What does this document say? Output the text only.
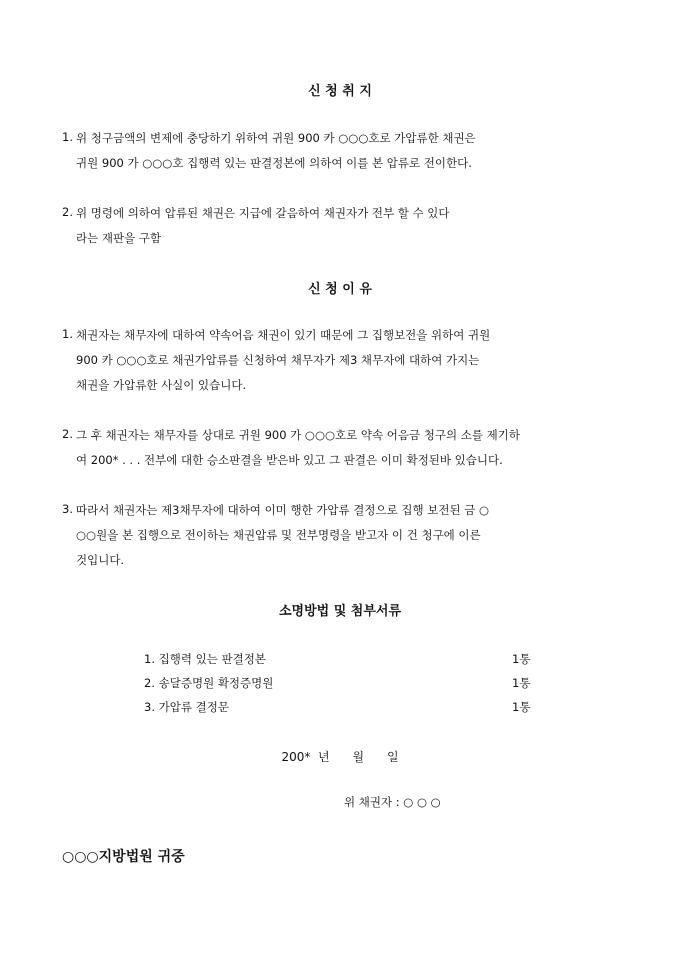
신 청 취 지
1. 위 청구금액의 변제에 충당하기 위하여 귀원 900 카 ○○○호로 가압류한 채권은
귀원 900 가 ○○○호 집행력 있는 판결정본에 의하여 이를 본 압류로 전이한다.
2. 위 명령에 의하여 압류된 채권은 지급에 갈음하여 채권자가 전부 할 수 있다
라는 재판을 구함
신 청 이 유
1. 채권자는 채무자에 대하여 약속어음 채권이 있기 때문에 그 집행보전을 위하여 귀원
900 카 ○○○호로 채권가압류를 신청하여 채무자가 제3 채무자에 대하여 가지는
채권을 가압류한 사실이 있습니다.
2. 그 후 채권자는 채무자를 상대로 귀원 900 가 ○○○호로 약속 어음금 청구의 소를 제기하
여 200* . . . 전부에 대한 승소판결을 받은바 있고 그 판결은 이미 확정된바 있습니다.
3. 따라서 채권자는 제3채무자에 대하여 이미 행한 가압류 결정으로 집행 보전된 금 ○
○○원을 본 집행으로 전이하는 채권압류 및 전부명령을 받고자 이 건 청구에 이른
것입니다.
소명방법 및 첨부서류
1. 집행력 있는 판결정본	1통
2. 송달증명원 확정증명원	1통
3. 가압류 결정문	1통
200*  년      월      일
위 채권자 : ○ ○ ○
○○○지방법원 귀중
